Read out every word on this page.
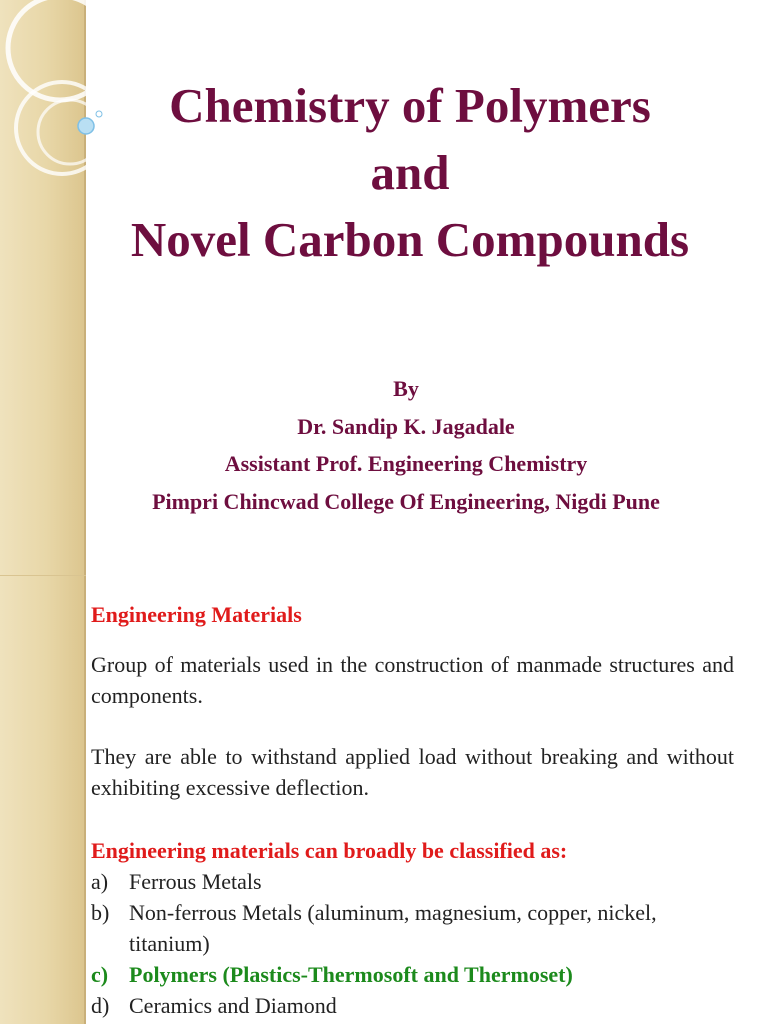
Chemistry of Polymers
and
Novel Carbon Compounds
By
Dr. Sandip K. Jagadale
Assistant Prof. Engineering Chemistry
Pimpri Chincwad College Of Engineering, Nigdi Pune

Engineering Materials

Group of materials used in the construction of manmade structures and components.

They are able to withstand applied load without breaking and without exhibiting excessive deflection.

Engineering materials can broadly be classified as:

a) Ferrous Metals
b) Non-ferrous Metals (aluminum, magnesium, copper, nickel, titanium)
c) Polymers (Plastics-Thermosoft and Thermoset)
d) Ceramics and Diamond
